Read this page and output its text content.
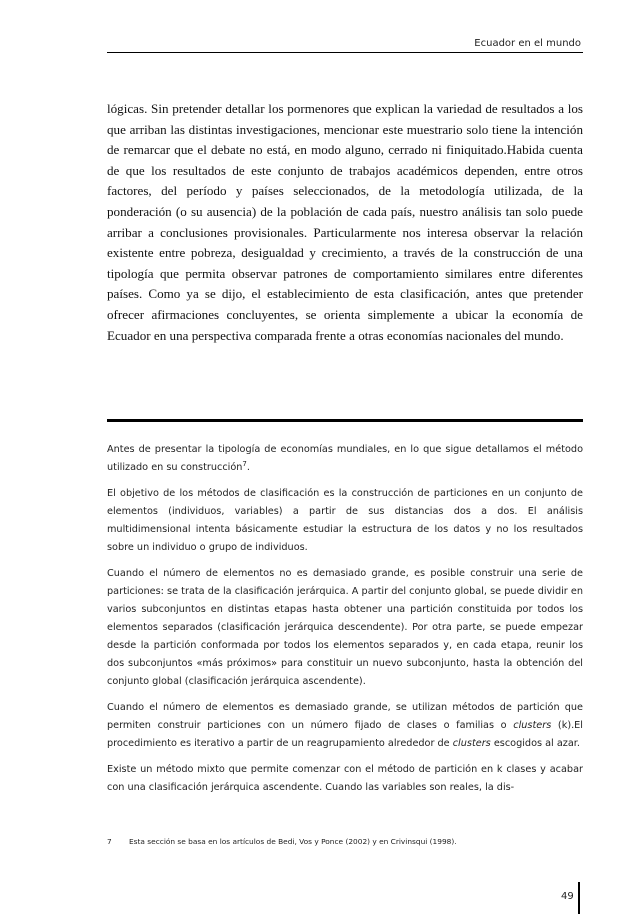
Ecuador en el mundo

lógicas. Sin pretender detallar los pormenores que explican la variedad de resultados a los que arriban las distintas investigaciones, mencionar este muestrario solo tiene la intención de remarcar que el debate no está, en modo alguno, cerrado ni finiquitado.Habida cuenta de que los resultados de este conjunto de trabajos académicos dependen, entre otros factores, del período y países seleccionados, de la metodología utilizada, de la ponderación (o su ausencia) de la población de cada país, nuestro análisis tan solo puede arribar a conclusiones provisionales. Particularmente nos interesa observar la relación existente entre pobreza, desigualdad y crecimiento, a través de la construcción de una tipología que permita observar patrones de comportamiento similares entre diferentes países. Como ya se dijo, el establecimiento de esta clasificación, antes que pretender ofrecer afirmaciones concluyentes, se orienta simplemente a ubicar la economía de Ecuador en una perspectiva comparada frente a otras economías nacionales del mundo.

Antes de presentar la tipología de economías mundiales, en lo que sigue detallamos el método utilizado en su construcción$^7$.

El objetivo de los métodos de clasificación es la construcción de particiones en un conjunto de elementos (individuos, variables) a partir de sus distancias dos a dos. El análisis multidimensional intenta básicamente estudiar la estructura de los datos y no los resultados sobre un individuo o grupo de individuos.

Cuando el número de elementos no es demasiado grande, es posible construir una serie de particiones: se trata de la clasificación jerárquica. A partir del conjunto global, se puede dividir en varios subconjuntos en distintas etapas hasta obtener una partición constituida por todos los elementos separados (clasificación jerárquica descendente). Por otra parte, se puede empezar desde la partición conformada por todos los elementos separados y, en cada etapa, reunir los dos subconjuntos «más próximos» para constituir un nuevo subconjunto, hasta la obtención del conjunto global (clasificación jerárquica ascendente).

Cuando el número de elementos es demasiado grande, se utilizan métodos de partición que permiten construir particiones con un número fijado de clases o familias o clusters (k).El procedimiento es iterativo a partir de un reagrupamiento alrededor de clusters escogidos al azar.

Existe un método mixto que permite comenzar con el método de partición en k clases y acabar con una clasificación jerárquica ascendente. Cuando las variables son reales, la dis-

7 Esta sección se basa en los artículos de Bedi, Vos y Ponce (2002) y en Crivinsqui (1998).
49
